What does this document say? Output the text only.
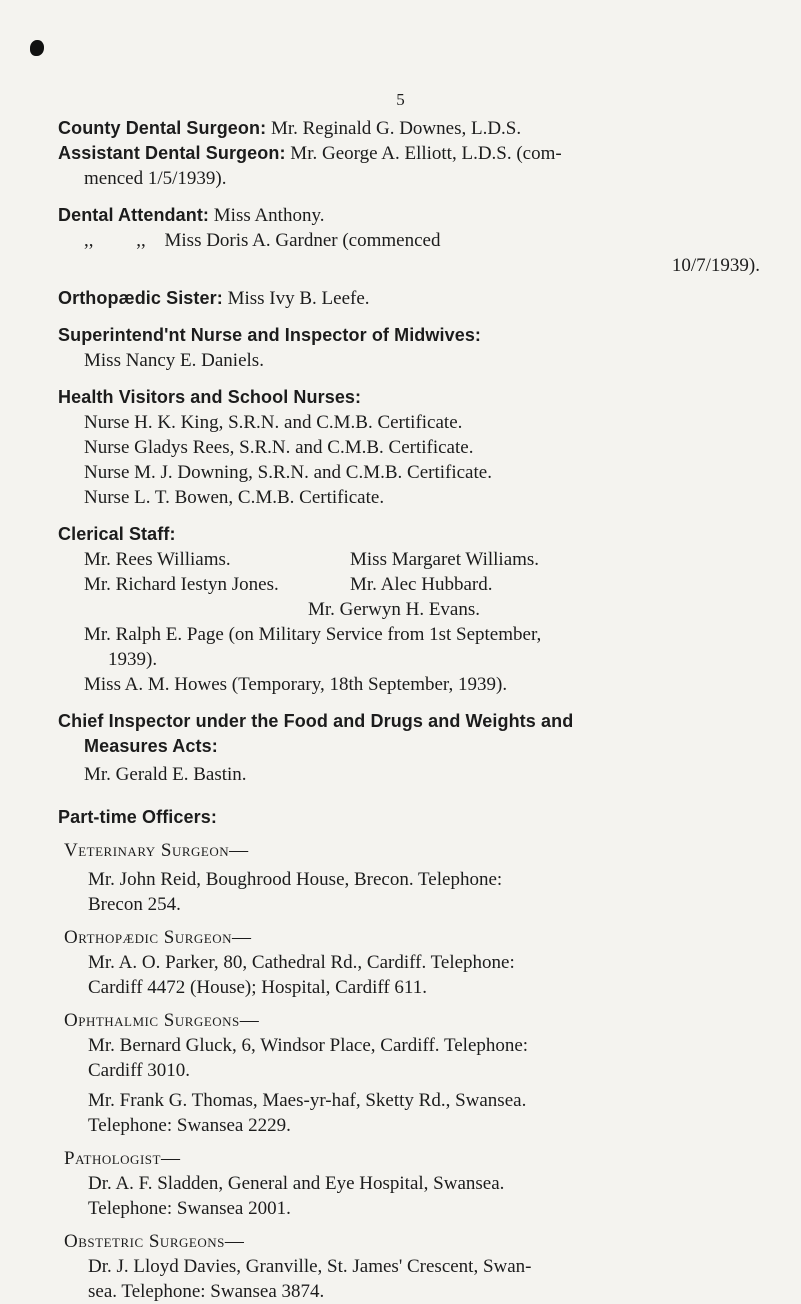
5
County Dental Surgeon: Mr. Reginald G. Downes, L.D.S.
Assistant Dental Surgeon: Mr. George A. Elliott, L.D.S. (com-
menced 1/5/1939).
Dental Attendant: Miss Anthony.
,,         ,, Miss Doris A. Gardner (commenced
10/7/1939).
Orthopædic Sister: Miss Ivy B. Leefe.
Superintend'nt Nurse and Inspector of Midwives:
Miss Nancy E. Daniels.
Health Visitors and School Nurses:
Nurse H. K. King, S.R.N. and C.M.B. Certificate.
Nurse Gladys Rees, S.R.N. and C.M.B. Certificate.
Nurse M. J. Downing, S.R.N. and C.M.B. Certificate.
Nurse L. T. Bowen, C.M.B. Certificate.
Clerical Staff:
Mr. Rees Williams.	Miss Margaret Williams.
Mr. Richard Iestyn Jones.	Mr. Alec Hubbard.
Mr. Gerwyn H. Evans.
Mr. Ralph E. Page (on Military Service from 1st September,
1939).
Miss A. M. Howes (Temporary, 18th September, 1939).
Chief Inspector under the Food and Drugs and Weights and
Measures Acts:
Mr. Gerald E. Bastin.
Part-time Officers:
Veterinary Surgeon—
Mr. John Reid, Boughrood House, Brecon. Telephone:
Brecon 254.
Orthopædic Surgeon—
Mr. A. O. Parker, 80, Cathedral Rd., Cardiff. Telephone:
Cardiff 4472 (House); Hospital, Cardiff 611.
Ophthalmic Surgeons—
Mr. Bernard Gluck, 6, Windsor Place, Cardiff. Telephone:
Cardiff 3010.
Mr. Frank G. Thomas, Maes-yr-haf, Sketty Rd., Swansea.
Telephone: Swansea 2229.
Pathologist—
Dr. A. F. Sladden, General and Eye Hospital, Swansea.
Telephone: Swansea 2001.
Obstetric Surgeons—
Dr. J. Lloyd Davies, Granville, St. James' Crescent, Swan-
sea. Telephone: Swansea 3874.
